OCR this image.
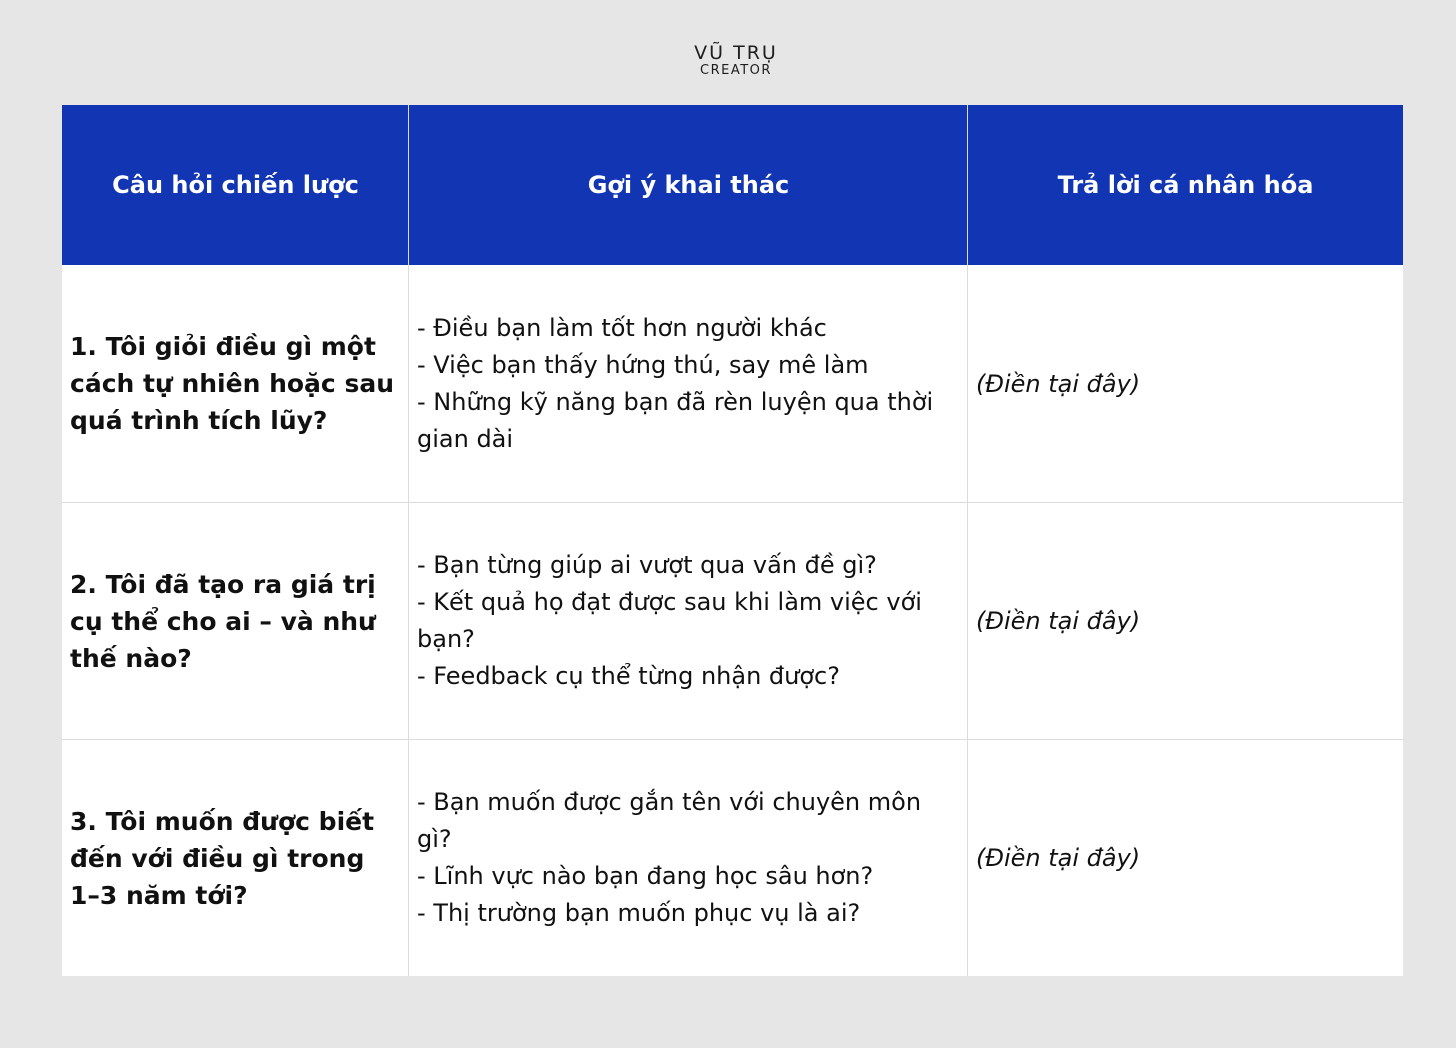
VŨ TRỤ
CREATOR
Câu hỏi chiến lược	Gợi ý khai thác	Trả lời cá nhân hóa
1. Tôi giỏi điều gì một cách tự nhiên hoặc sau quá trình tích lũy?
- Điều bạn làm tốt hơn người khác
- Việc bạn thấy hứng thú, say mê làm
- Những kỹ năng bạn đã rèn luyện qua thời gian dài
(Điền tại đây)
2. Tôi đã tạo ra giá trị cụ thể cho ai – và như thế nào?
- Bạn từng giúp ai vượt qua vấn đề gì?
- Kết quả họ đạt được sau khi làm việc với bạn?
- Feedback cụ thể từng nhận được?
(Điền tại đây)
3. Tôi muốn được biết đến với điều gì trong 1–3 năm tới?
- Bạn muốn được gắn tên với chuyên môn gì?
- Lĩnh vực nào bạn đang học sâu hơn?
- Thị trường bạn muốn phục vụ là ai?
(Điền tại đây)
